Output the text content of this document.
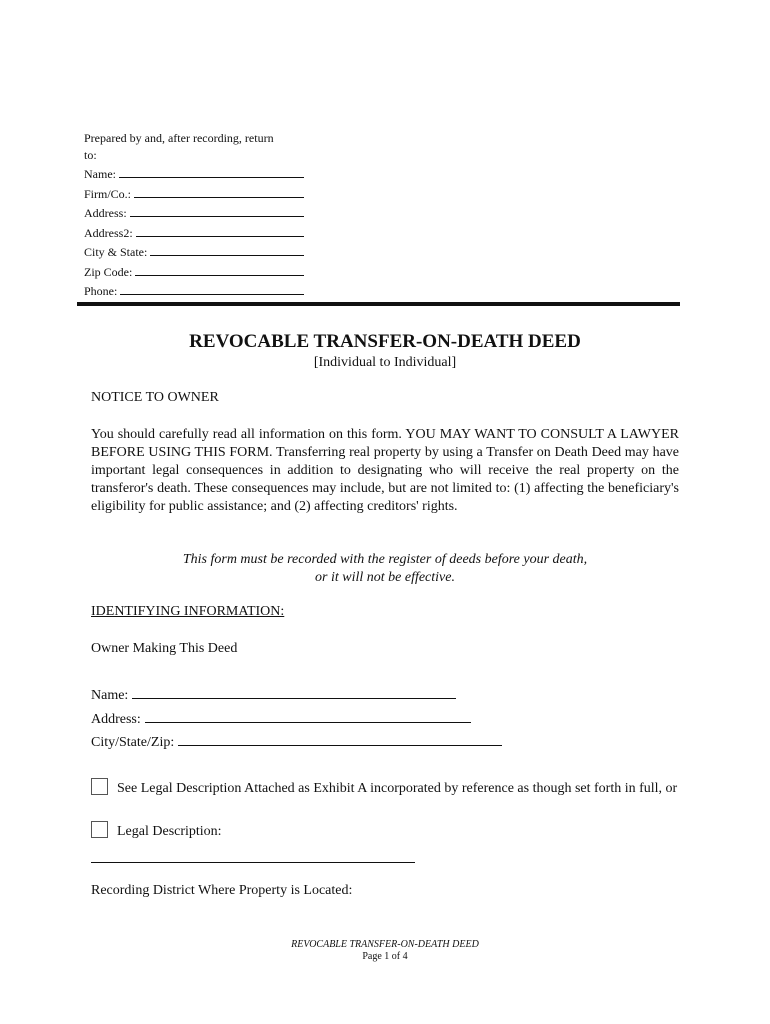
Prepared by and, after recording, return
to:
Name:
Firm/Co.:
Address:
Address2:
City & State:
Zip Code:
Phone:
REVOCABLE TRANSFER-ON-DEATH DEED
[Individual to Individual]
NOTICE TO OWNER
You should carefully read all information on this form. YOU MAY WANT TO CONSULT A LAWYER BEFORE USING THIS FORM. Transferring real property by using a Transfer on Death Deed may have important legal consequences in addition to designating who will receive the real property on the transferor's death. These consequences may include, but are not limited to: (1) affecting the beneficiary's eligibility for public assistance; and (2) affecting creditors' rights.
This form must be recorded with the register of deeds before your death,
or it will not be effective.
IDENTIFYING INFORMATION:
Owner Making This Deed
Name:
Address:
City/State/Zip:
See Legal Description Attached as Exhibit A incorporated by reference as though set forth in full, or
Legal Description:
Recording District Where Property is Located:
REVOCABLE TRANSFER-ON-DEATH DEED
Page 1 of 4
